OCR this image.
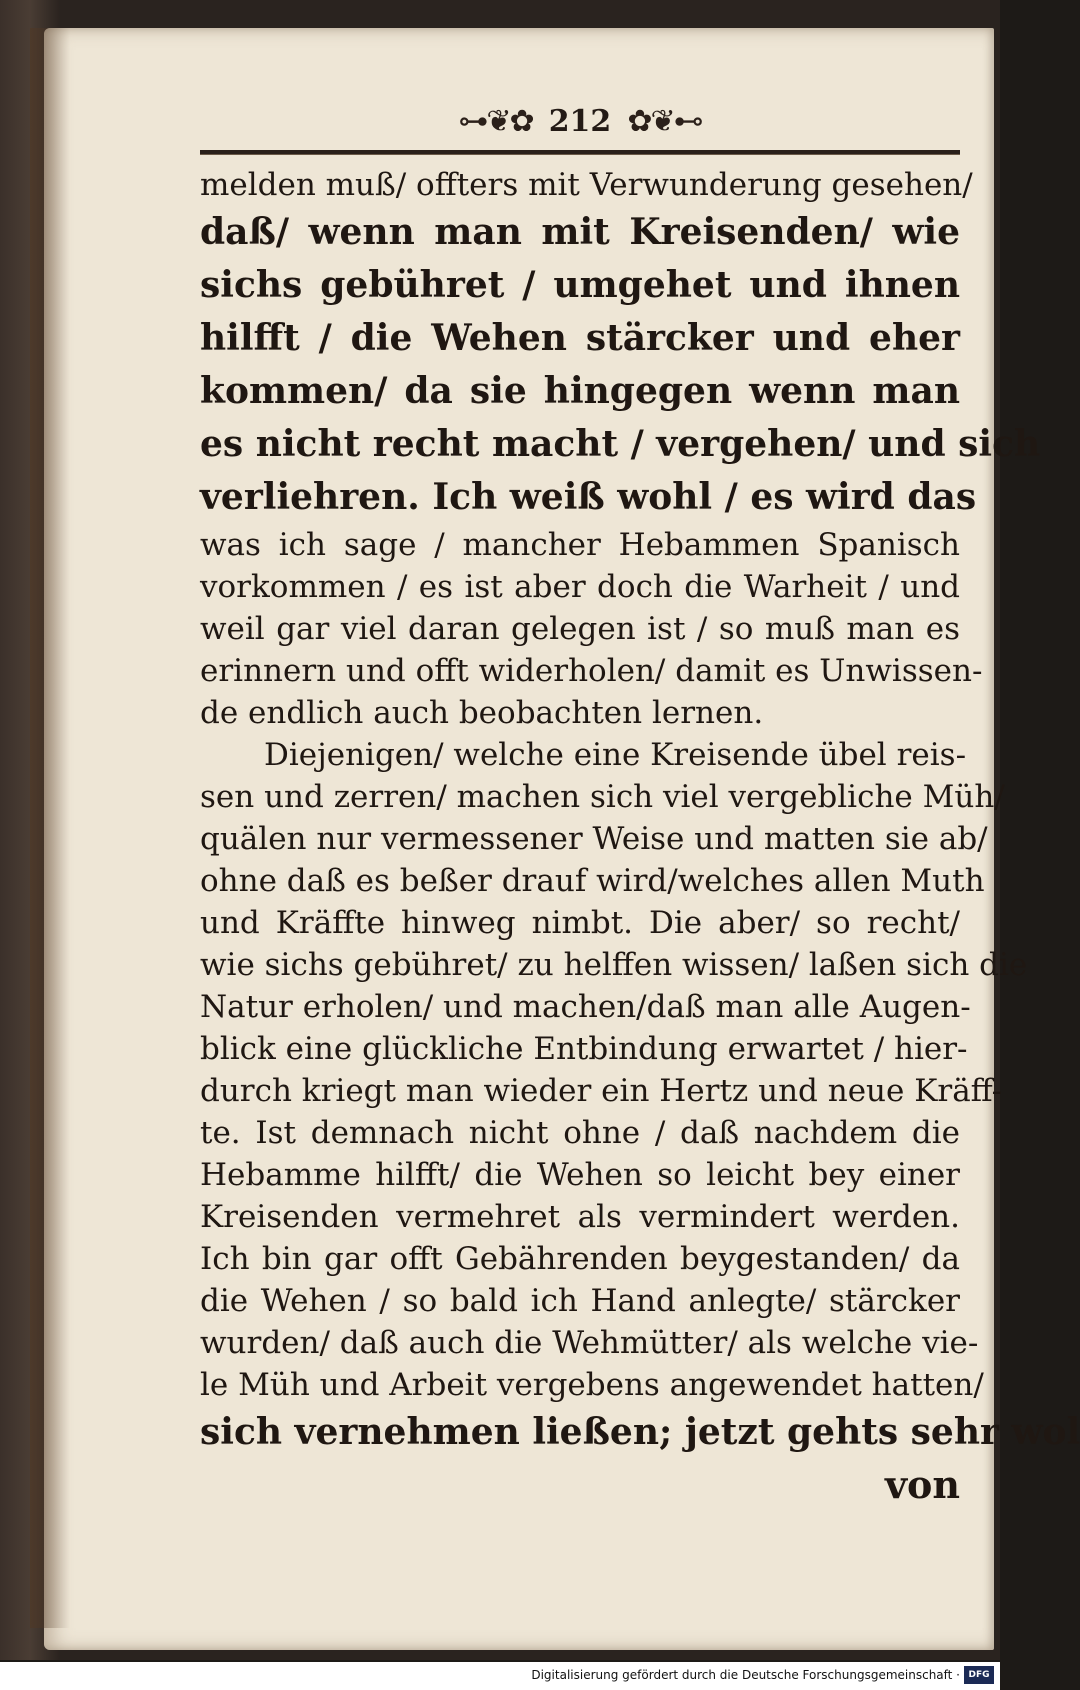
⊶❦✿ 212 ✿❦⊷
melden muß/ offters mit Verwunderung gesehen/
daß/ wenn man mit Kreisenden/ wie
sichs gebühret / umgehet und ihnen
hilfft / die Wehen stärcker und eher
kommen/ da sie hingegen wenn man
es nicht recht macht / vergehen/ und sich
verliehren. Ich weiß wohl / es wird das
was ich sage / mancher Hebammen Spanisch
vorkommen / es ist aber doch die Warheit / und
weil gar viel daran gelegen ist / so muß man es
erinnern und offt widerholen/ damit es Unwissen-
de endlich auch beobachten lernen.
Diejenigen/ welche eine Kreisende übel reis-
sen und zerren/ machen sich viel vergebliche Müh/
quälen nur vermessener Weise und matten sie ab/
ohne daß es beßer drauf wird/welches allen Muth
und Kräffte hinweg nimbt. Die aber/ so recht/
wie sichs gebühret/ zu helffen wissen/ laßen sich die
Natur erholen/ und machen/daß man alle Augen-
blick eine glückliche Entbindung erwartet / hier-
durch kriegt man wieder ein Hertz und neue Kräff-
te. Ist demnach nicht ohne / daß nachdem die
Hebamme hilfft/ die Wehen so leicht bey einer
Kreisenden vermehret als vermindert werden.
Ich bin gar offt Gebährenden beygestanden/ da
die Wehen / so bald ich Hand anlegte/ stärcker
wurden/ daß auch die Wehmütter/ als welche vie-
le Müh und Arbeit vergebens angewendet hatten/
sich vernehmen ließen; jetzt gehts sehr wol
von
Digitalisierung gefördert durch die Deutsche Forschungsgemeinschaft · DFG
